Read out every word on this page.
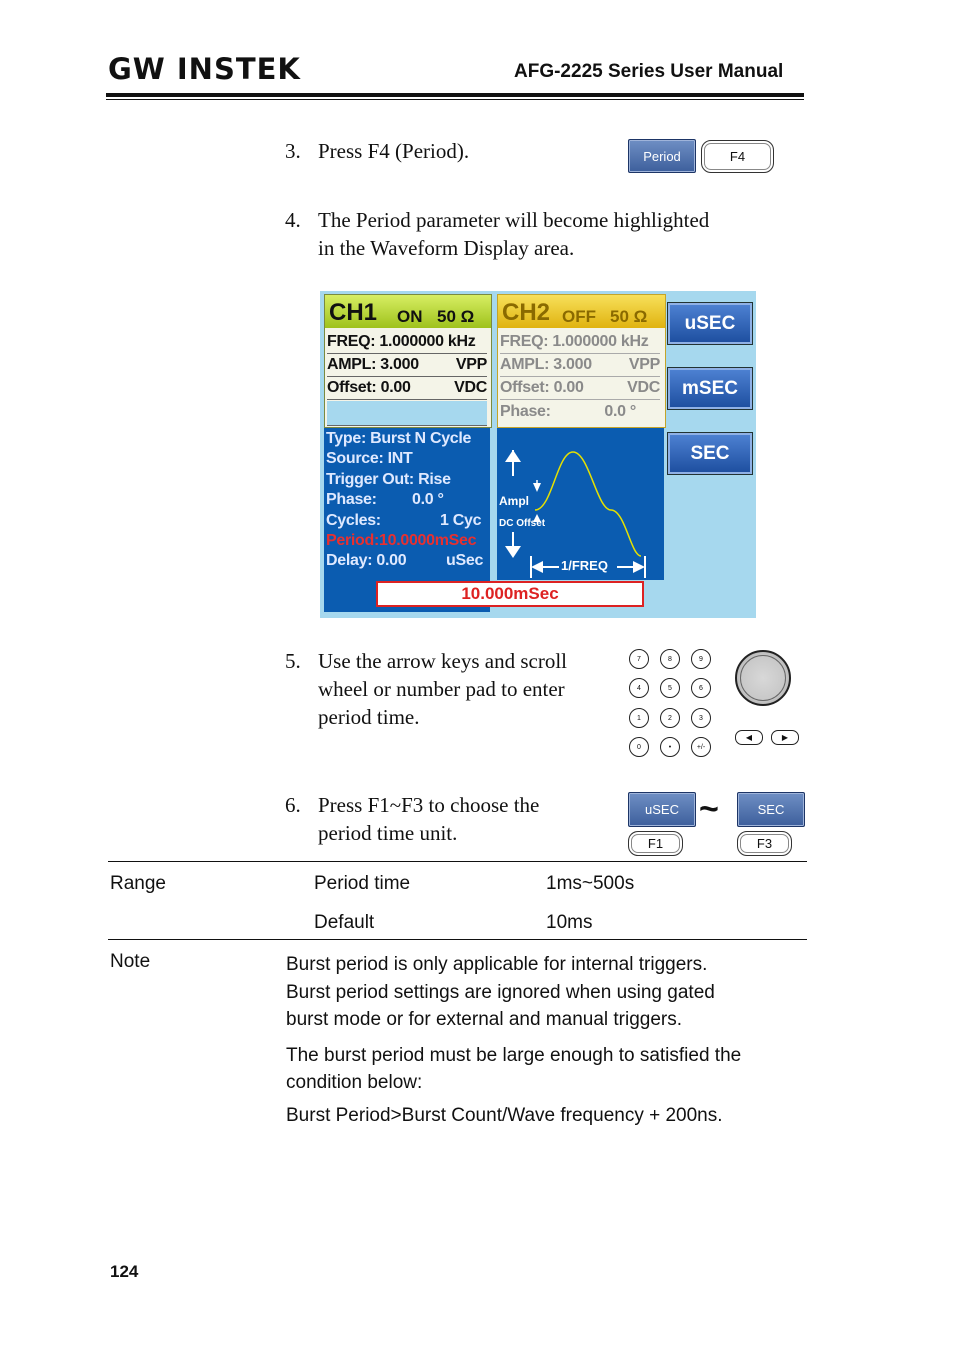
GW INSTEK	AFG-2225 Series User Manual
3. Press F4 (Period).	Period	F4
4. The Period parameter will become highlighted
in the Waveform Display area.
CH1 ON 50 Ω
FREQ: 1.000000 kHz
AMPL: 3.000 VPP
Offset: 0.00	VDC
CH2 OFF 50 Ω
FREQ: 1.000000 kHz
AMPL: 3.000 VPP
Offset: 0.00	VDC
Phase:	0.0 °
Type: Burst N Cycle
Source: INT
Trigger Out: Rise
Phase: 0.0 °
Cycles:	1 Cyc
Period:10.0000mSec
Delay: 0.00 uSec
Ampl
DC Offset
1/FREQ
10.000mSec
uSEC
mSEC
SEC
5. Use the arrow keys and scroll
wheel or number pad to enter
period time.
7	8	9
4	5	6
1	2	3
0	•	+/-
◀	▶
6. Press F1~F3 to choose the
period time unit.
uSEC ~	SEC
F1	F3
Range	Period time	1ms~500s
Default	10ms
Note	Burst period is only applicable for internal triggers.
Burst period settings are ignored when using gated
burst mode or for external and manual triggers.
The burst period must be large enough to satisfied the
condition below:
Burst Period>Burst Count/Wave frequency + 200ns.
124
